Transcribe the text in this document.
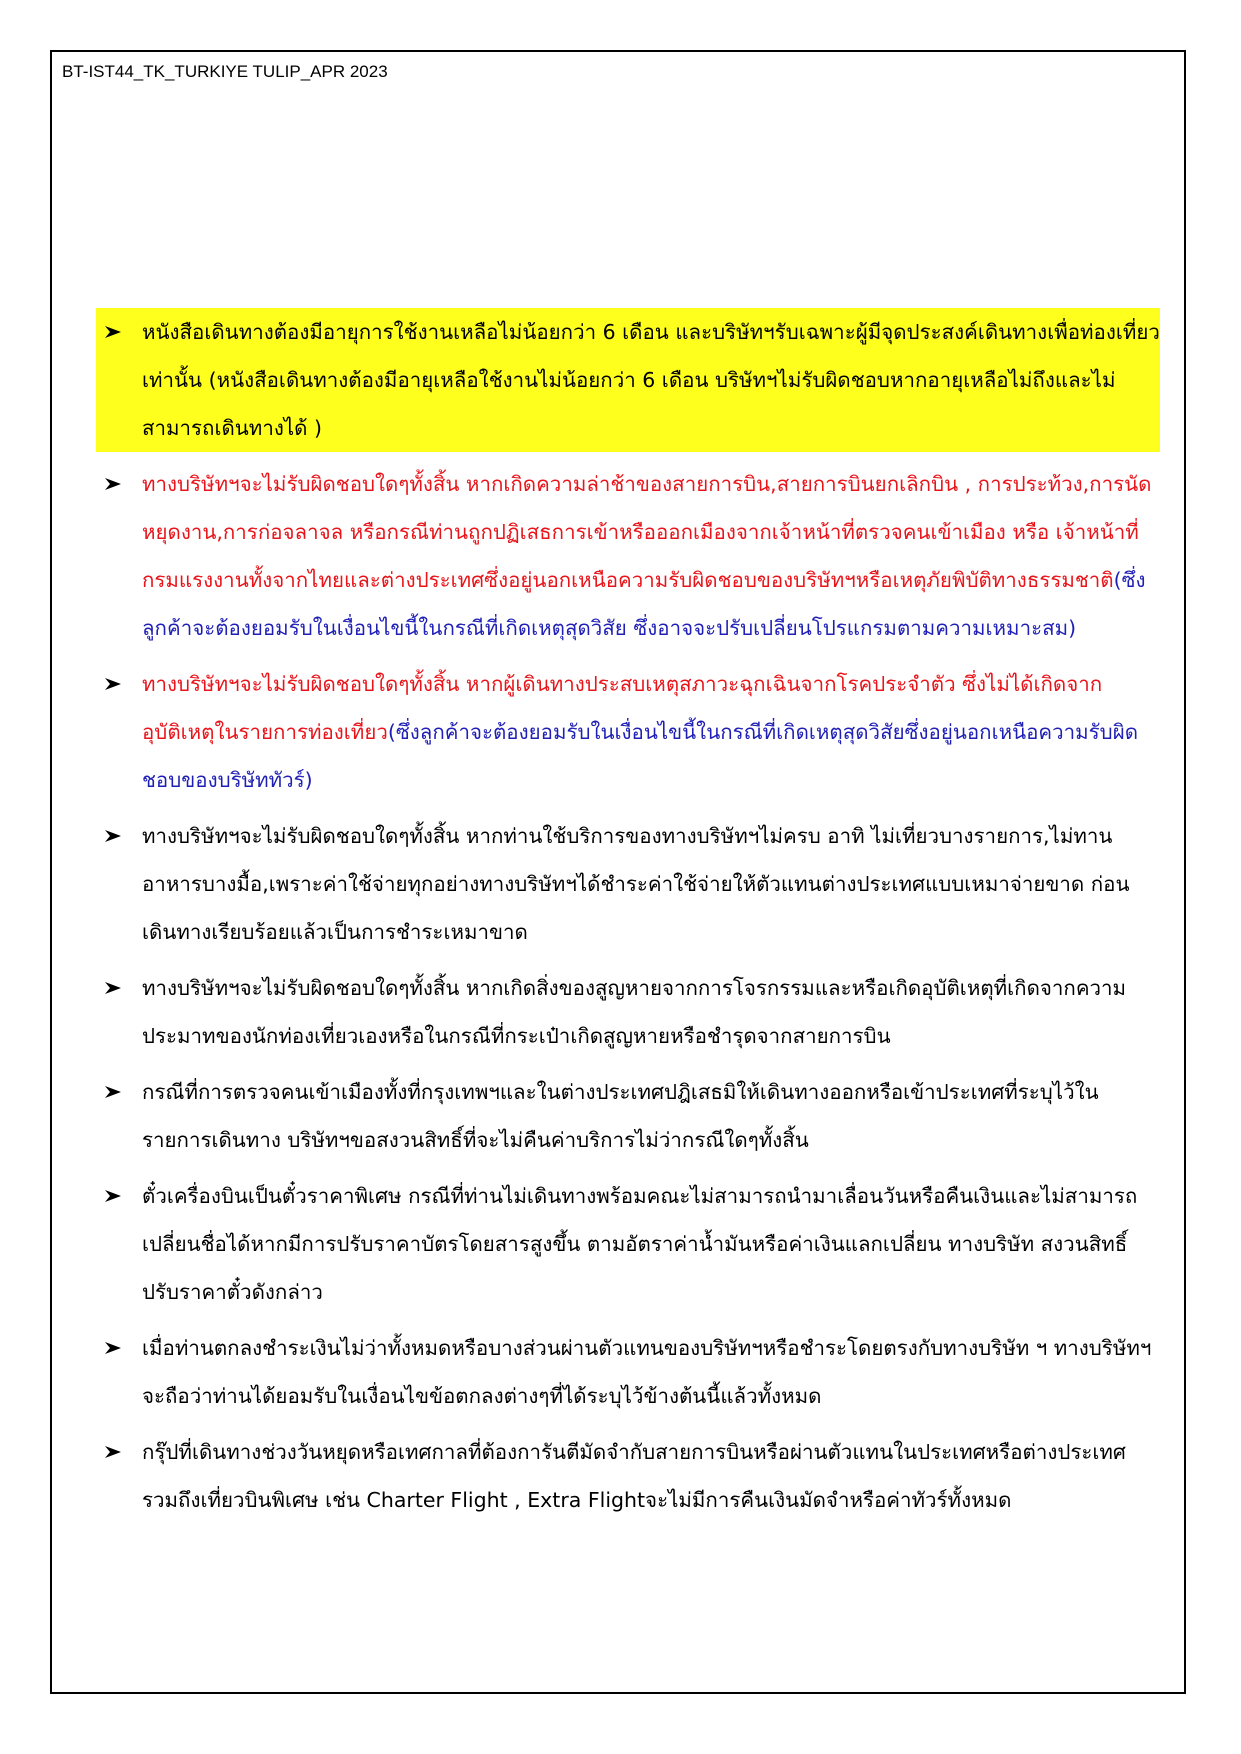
BT-IST44_TK_TURKIYE TULIP_APR 2023
หนังสือเดินทางต้องมีอายุการใช้งานเหลือไม่น้อยกว่า 6 เดือน และบริษัทฯรับเฉพาะผู้มีจุดประสงค์เดินทางเพื่อท่องเที่ยวเท่านั้น (หนังสือเดินทางต้องมีอายุเหลือใช้งานไม่น้อยกว่า 6 เดือน บริษัทฯไม่รับผิดชอบหากอายุเหลือไม่ถึงและไม่สามารถเดินทางได้ )
ทางบริษัทฯจะไม่รับผิดชอบใดๆทั้งสิ้น หากเกิดความล่าช้าของสายการบิน,สายการบินยกเลิกบิน , การประท้วง,การนัดหยุดงาน,การก่อจลาจล หรือกรณีท่านถูกปฏิเสธการเข้าหรือออกเมืองจากเจ้าหน้าที่ตรวจคนเข้าเมือง หรือ เจ้าหน้าที่กรมแรงงานทั้งจากไทยและต่างประเทศซึ่งอยู่นอกเหนือความรับผิดชอบของบริษัทฯหรือเหตุภัยพิบัติทางธรรมชาติ(ซึ่งลูกค้าจะต้องยอมรับในเงื่อนไขนี้ในกรณีที่เกิดเหตุสุดวิสัย ซึ่งอาจจะปรับเปลี่ยนโปรแกรมตามความเหมาะสม)
ทางบริษัทฯจะไม่รับผิดชอบใดๆทั้งสิ้น หากผู้เดินทางประสบเหตุสภาวะฉุกเฉินจากโรคประจำตัว ซึ่งไม่ได้เกิดจากอุบัติเหตุในรายการท่องเที่ยว(ซึ่งลูกค้าจะต้องยอมรับในเงื่อนไขนี้ในกรณีที่เกิดเหตุสุดวิสัยซึ่งอยู่นอกเหนือความรับผิดชอบของบริษัททัวร์)
ทางบริษัทฯจะไม่รับผิดชอบใดๆทั้งสิ้น หากท่านใช้บริการของทางบริษัทฯไม่ครบ อาทิ ไม่เที่ยวบางรายการ,ไม่ทานอาหารบางมื้อ,เพราะค่าใช้จ่ายทุกอย่างทางบริษัทฯได้ชำระค่าใช้จ่ายให้ตัวแทนต่างประเทศแบบเหมาจ่ายขาด ก่อนเดินทางเรียบร้อยแล้วเป็นการชำระเหมาขาด
ทางบริษัทฯจะไม่รับผิดชอบใดๆทั้งสิ้น หากเกิดสิ่งของสูญหายจากการโจรกรรมและหรือเกิดอุบัติเหตุที่เกิดจากความประมาทของนักท่องเที่ยวเองหรือในกรณีที่กระเป๋าเกิดสูญหายหรือชำรุดจากสายการบิน
กรณีที่การตรวจคนเข้าเมืองทั้งที่กรุงเทพฯและในต่างประเทศปฎิเสธมิให้เดินทางออกหรือเข้าประเทศที่ระบุไว้ในรายการเดินทาง บริษัทฯขอสงวนสิทธิ์ที่จะไม่คืนค่าบริการไม่ว่ากรณีใดๆทั้งสิ้น
ตั๋วเครื่องบินเป็นตั๋วราคาพิเศษ กรณีที่ท่านไม่เดินทางพร้อมคณะไม่สามารถนำมาเลื่อนวันหรือคืนเงินและไม่สามารถเปลี่ยนชื่อได้หากมีการปรับราคาบัตรโดยสารสูงขึ้น ตามอัตราค่าน้ำมันหรือค่าเงินแลกเปลี่ยน ทางบริษัท สงวนสิทธิ์ปรับราคาตั๋วดังกล่าว
เมื่อท่านตกลงชำระเงินไม่ว่าทั้งหมดหรือบางส่วนผ่านตัวแทนของบริษัทฯหรือชำระโดยตรงกับทางบริษัท ฯ ทางบริษัทฯจะถือว่าท่านได้ยอมรับในเงื่อนไขข้อตกลงต่างๆที่ได้ระบุไว้ข้างต้นนี้แล้วทั้งหมด
กรุ๊ปที่เดินทางช่วงวันหยุดหรือเทศกาลที่ต้องการันตีมัดจำกับสายการบินหรือผ่านตัวแทนในประเทศหรือต่างประเทศ รวมถึงเที่ยวบินพิเศษ เช่น Charter Flight , Extra Flightจะไม่มีการคืนเงินมัดจำหรือค่าทัวร์ทั้งหมด
